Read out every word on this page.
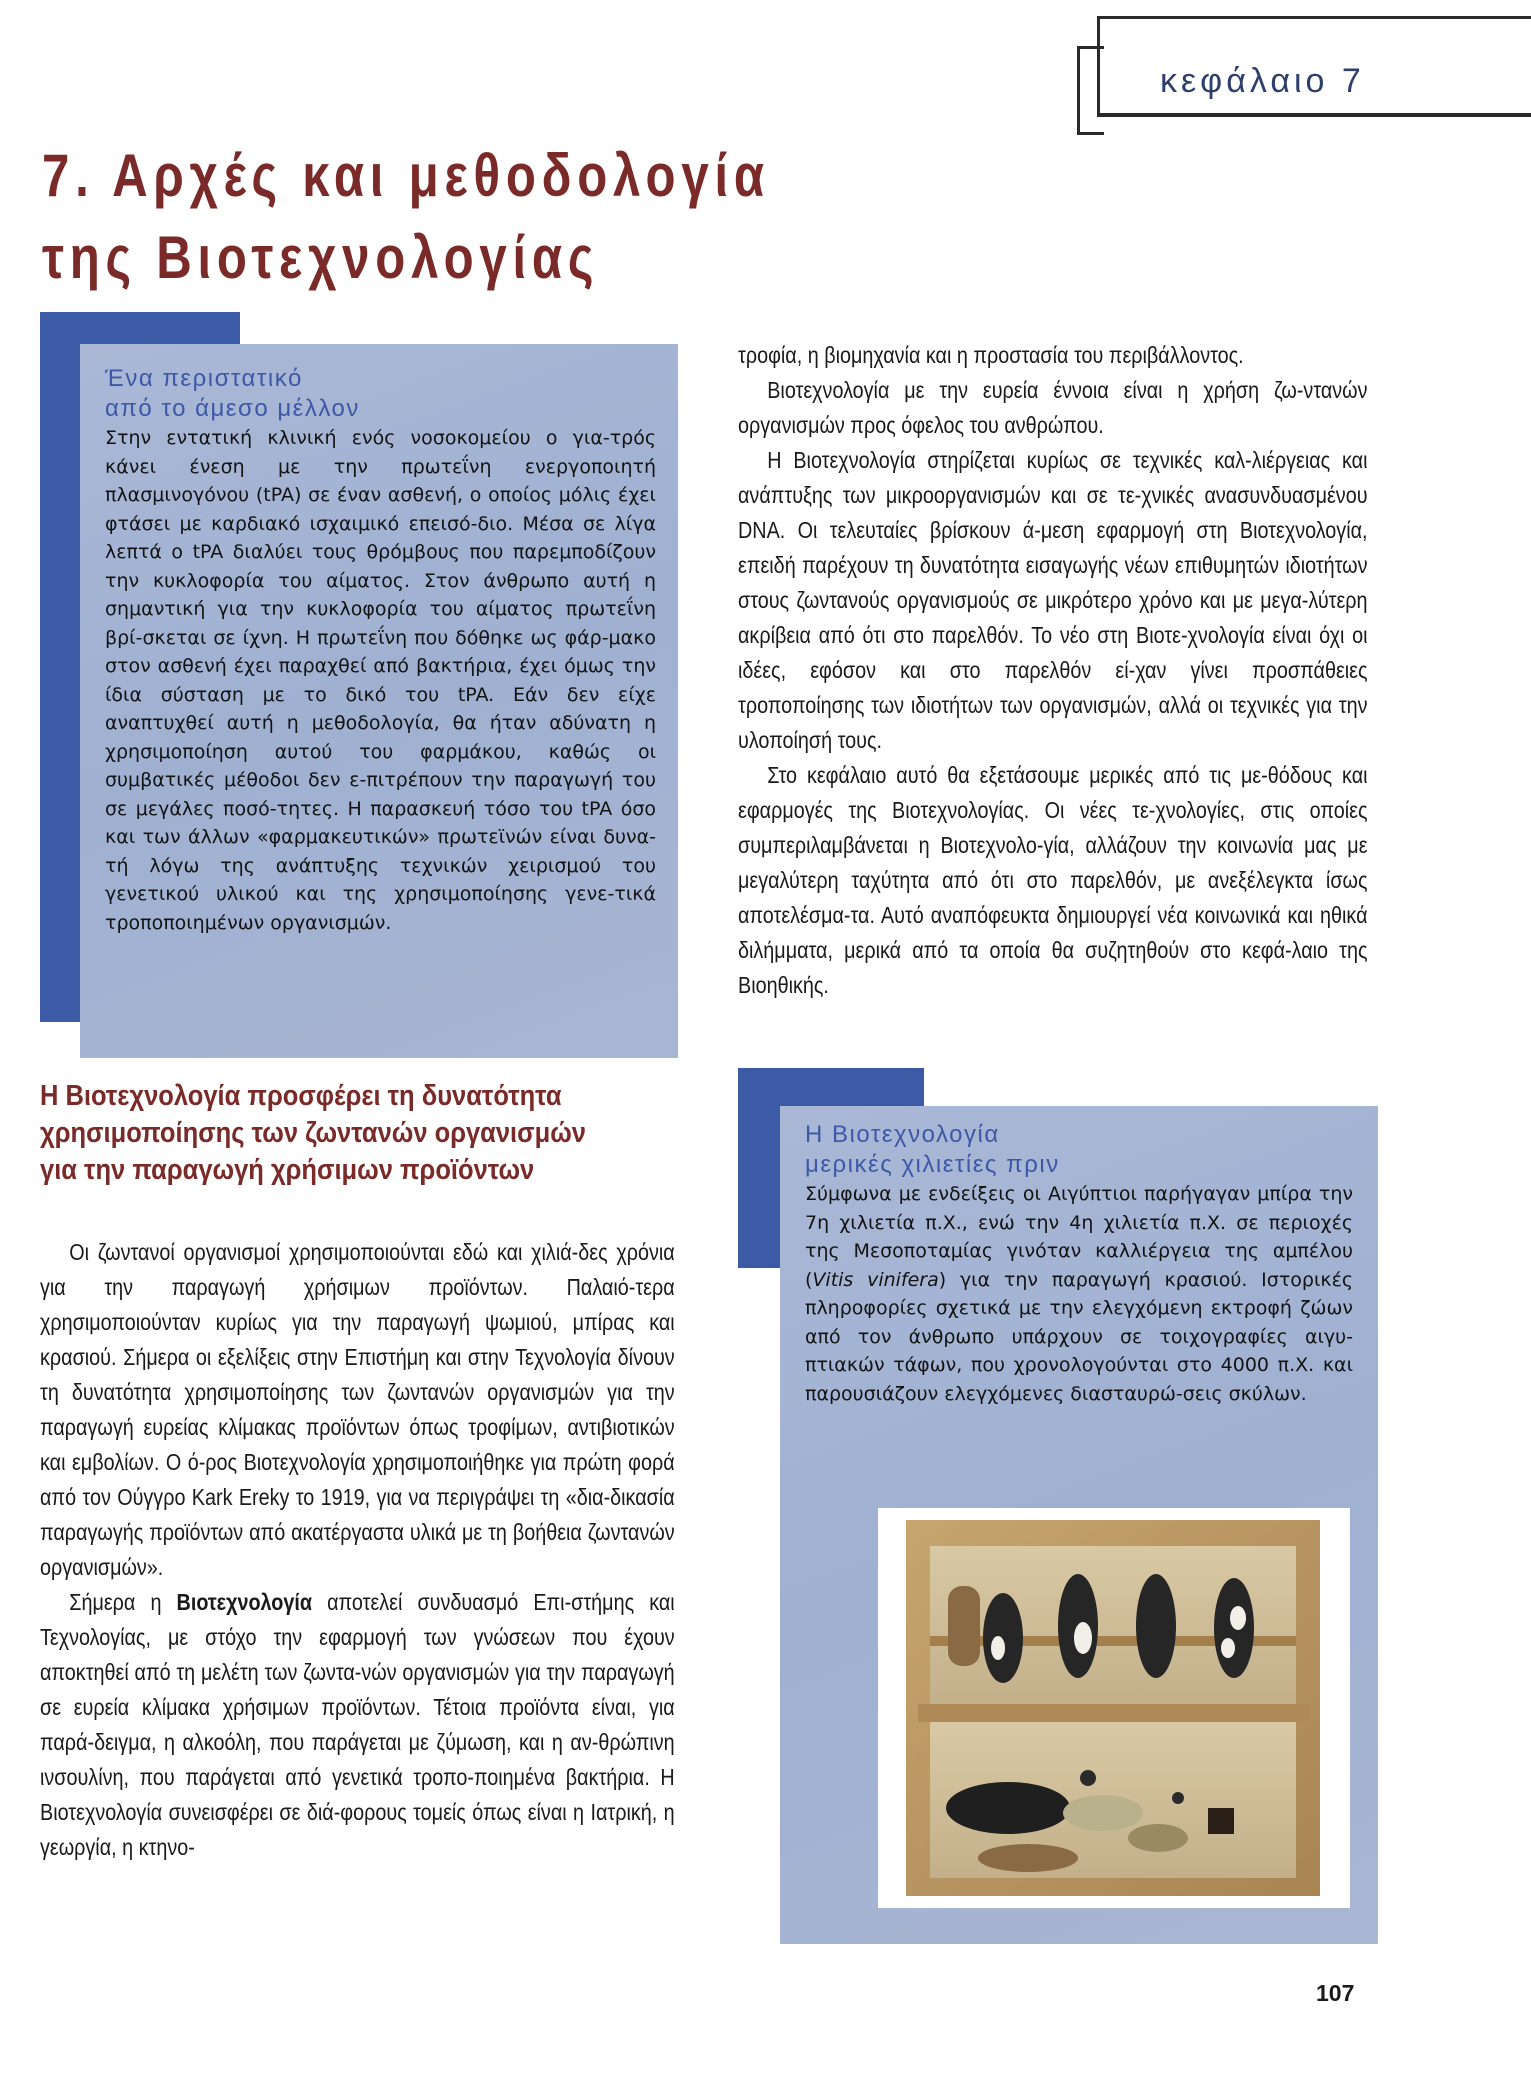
κεφάλαιο 7
7. Αρχές και μεθοδολογία
της Βιοτεχνολογίας

Ένα περιστατικό
από το άμεσο μέλλον

Στην εντατική κλινική ενός νοσοκομείου ο για-τρός κάνει ένεση με την πρωτεΐνη ενεργοποιητή πλασμινογόνου (tPA) σε έναν ασθενή, ο οποίος μόλις έχει φτάσει με καρδιακό ισχαιμικό επεισό-διο. Μέσα σε λίγα λεπτά ο tPA διαλύει τους θρόμβους που παρεμποδίζουν την κυκλοφορία του αίματος. Στον άνθρωπο αυτή η σημαντική για την κυκλοφορία του αίματος πρωτεΐνη βρί-σκεται σε ίχνη. Η πρωτεΐνη που δόθηκε ως φάρ-μακο στον ασθενή έχει παραχθεί από βακτήρια, έχει όμως την ίδια σύσταση με το δικό του tPA. Εάν δεν είχε αναπτυχθεί αυτή η μεθοδολογία, θα ήταν αδύνατη η χρησιμοποίηση αυτού του φαρμάκου, καθώς οι συμβατικές μέθοδοι δεν ε-πιτρέπουν την παραγωγή του σε μεγάλες ποσό-τητες. Η παρασκευή τόσο του tPA όσο και των άλλων «φαρμακευτικών» πρωτεϊνών είναι δυνα-τή λόγω της ανάπτυξης τεχνικών χειρισμού του γενετικού υλικού και της χρησιμοποίησης γενε-τικά τροποποιημένων οργανισμών.

Η Βιοτεχνολογία προσφέρει τη δυνατότητα
χρησιμοποίησης των ζωντανών οργανισμών
για την παραγωγή χρήσιμων προϊόντων

Οι ζωντανοί οργανισμοί χρησιμοποιούνται εδώ και χιλιά-δες χρόνια για την παραγωγή χρήσιμων προϊόντων. Παλαιό-τερα χρησιμοποιούνταν κυρίως για την παραγωγή ψωμιού, μπίρας και κρασιού. Σήμερα οι εξελίξεις στην Επιστήμη και στην Τεχνολογία δίνουν τη δυνατότητα χρησιμοποίησης των ζωντανών οργανισμών για την παραγωγή ευρείας κλίμακας προϊόντων όπως τροφίμων, αντιβιοτικών και εμβολίων. Ο ό-ρος Βιοτεχνολογία χρησιμοποιήθηκε για πρώτη φορά από τον Ούγγρο Kark Ereky το 1919, για να περιγράψει τη «δια-δικασία παραγωγής προϊόντων από ακατέργαστα υλικά με τη βοήθεια ζωντανών οργανισμών».

Σήμερα η Βιοτεχνολογία αποτελεί συνδυασμό Επι-στήμης και Τεχνολογίας, με στόχο την εφαρμογή των γνώσεων που έχουν αποκτηθεί από τη μελέτη των ζωντα-νών οργανισμών για την παραγωγή σε ευρεία κλίμακα χρήσιμων προϊόντων. Τέτοια προϊόντα είναι, για παρά-δειγμα, η αλκοόλη, που παράγεται με ζύμωση, και η αν-θρώπινη ινσουλίνη, που παράγεται από γενετικά τροπο-ποιημένα βακτήρια. Η Βιοτεχνολογία συνεισφέρει σε διά-φορους τομείς όπως είναι η Ιατρική, η γεωργία, η κτηνο-

τροφία, η βιομηχανία και η προστασία του περιβάλλοντος.

Βιοτεχνολογία με την ευρεία έννοια είναι η χρήση ζω-ντανών οργανισμών προς όφελος του ανθρώπου.

Η Βιοτεχνολογία στηρίζεται κυρίως σε τεχνικές καλ-λιέργειας και ανάπτυξης των μικροοργανισμών και σε τε-χνικές ανασυνδυασμένου DNA. Οι τελευταίες βρίσκουν ά-μεση εφαρμογή στη Βιοτεχνολογία, επειδή παρέχουν τη δυνατότητα εισαγωγής νέων επιθυμητών ιδιοτήτων στους ζωντανούς οργανισμούς σε μικρότερο χρόνο και με μεγα-λύτερη ακρίβεια από ότι στο παρελθόν. Το νέο στη Βιοτε-χνολογία είναι όχι οι ιδέες, εφόσον και στο παρελθόν εί-χαν γίνει προσπάθειες τροποποίησης των ιδιοτήτων των οργανισμών, αλλά οι τεχνικές για την υλοποίησή τους.

Στο κεφάλαιο αυτό θα εξετάσουμε μερικές από τις με-θόδους και εφαρμογές της Βιοτεχνολογίας. Οι νέες τε-χνολογίες, στις οποίες συμπεριλαμβάνεται η Βιοτεχνολο-γία, αλλάζουν την κοινωνία μας με μεγαλύτερη ταχύτητα από ότι στο παρελθόν, με ανεξέλεγκτα ίσως αποτελέσμα-τα. Αυτό αναπόφευκτα δημιουργεί νέα κοινωνικά και ηθικά διλήμματα, μερικά από τα οποία θα συζητηθούν στο κεφά-λαιο της Βιοηθικής.

Η Βιοτεχνολογία
μερικές χιλιετίες πριν

Σύμφωνα με ενδείξεις οι Αιγύπτιοι παρήγαγαν μπίρα την 7η χιλιετία π.Χ., ενώ την 4η χιλιετία π.Χ. σε περιοχές της Μεσοποταμίας γινόταν καλλιέργεια της αμπέλου (Vitis vinifera) για την παραγωγή κρασιού. Ιστορικές πληροφορίες σχετικά με την ελεγχόμενη εκτροφή ζώων από τον άνθρωπο υπάρχουν σε τοιχογραφίες αιγυ-πτιακών τάφων, που χρονολογούνται στο 4000 π.Χ. και παρουσιάζουν ελεγχόμενες διασταυρώ-σεις σκύλων.

107
